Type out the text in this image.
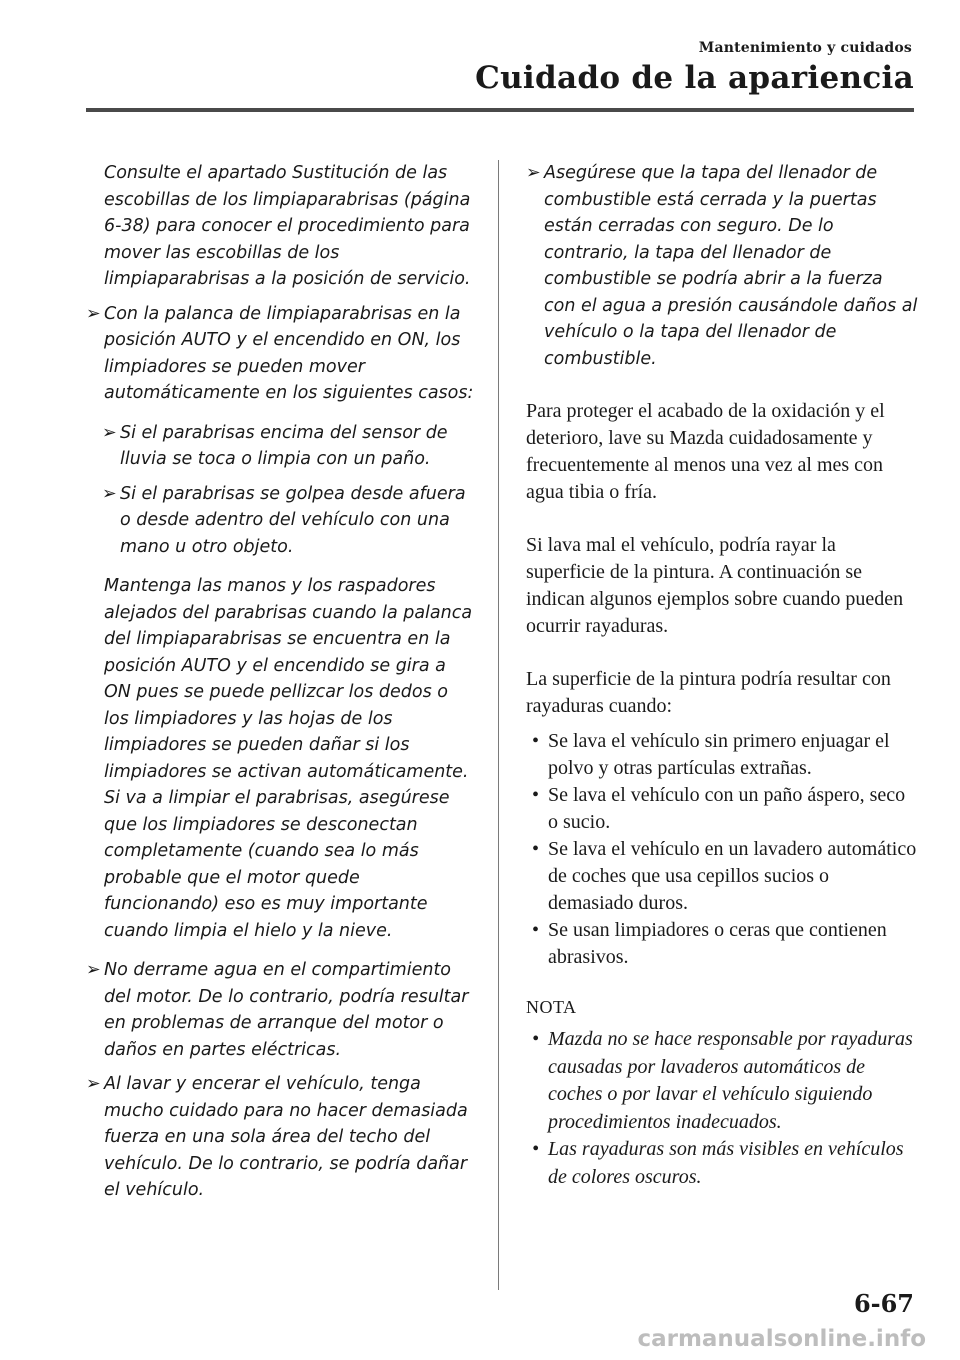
Mantenimiento y cuidados
Cuidado de la apariencia

Consulte el apartado Sustitución de las escobillas de los limpiaparabrisas (página 6-38) para conocer el procedimiento para mover las escobillas de los limpiaparabrisas a la posición de servicio.

➢ Con la palanca de limpiaparabrisas en la posición AUTO y el encendido en ON, los limpiadores se pueden mover automáticamente en los siguientes casos:

➢ Si el parabrisas encima del sensor de lluvia se toca o limpia con un paño.

➢ Si el parabrisas se golpea desde afuera o desde adentro del vehículo con una mano u otro objeto.

Mantenga las manos y los raspadores alejados del parabrisas cuando la palanca del limpiaparabrisas se encuentra en la posición AUTO y el encendido se gira a ON pues se puede pellizcar los dedos o los limpiadores y las hojas de los limpiadores se pueden dañar si los limpiadores se activan automáticamente.

Si va a limpiar el parabrisas, asegúrese que los limpiadores se desconectan completamente (cuando sea lo más probable que el motor quede funcionando) eso es muy importante cuando limpia el hielo y la nieve.

➢ No derrame agua en el compartimiento del motor. De lo contrario, podría resultar en problemas de arranque del motor o daños en partes eléctricas.

➢ Al lavar y encerar el vehículo, tenga mucho cuidado para no hacer demasiada fuerza en una sola área del techo del vehículo. De lo contrario, se podría dañar el vehículo.

➢ Asegúrese que la tapa del llenador de combustible está cerrada y la puertas están cerradas con seguro. De lo contrario, la tapa del llenador de combustible se podría abrir a la fuerza con el agua a presión causándole daños al vehículo o la tapa del llenador de combustible.

Para proteger el acabado de la oxidación y el deterioro, lave su Mazda cuidadosamente y frecuentemente al menos una vez al mes con agua tibia o fría.

Si lava mal el vehículo, podría rayar la superficie de la pintura. A continuación se indican algunos ejemplos sobre cuando pueden ocurrir rayaduras.

La superficie de la pintura podría resultar con rayaduras cuando:

• Se lava el vehículo sin primero enjuagar el polvo y otras partículas extrañas.

• Se lava el vehículo con un paño áspero, seco o sucio.

• Se lava el vehículo en un lavadero automático de coches que usa cepillos sucios o demasiado duros.

• Se usan limpiadores o ceras que contienen abrasivos.

NOTA

• Mazda no se hace responsable por rayaduras causadas por lavaderos automáticos de coches o por lavar el vehículo siguiendo procedimientos inadecuados.

• Las rayaduras son más visibles en vehículos de colores oscuros.

6-67
carmanualsonline.info
